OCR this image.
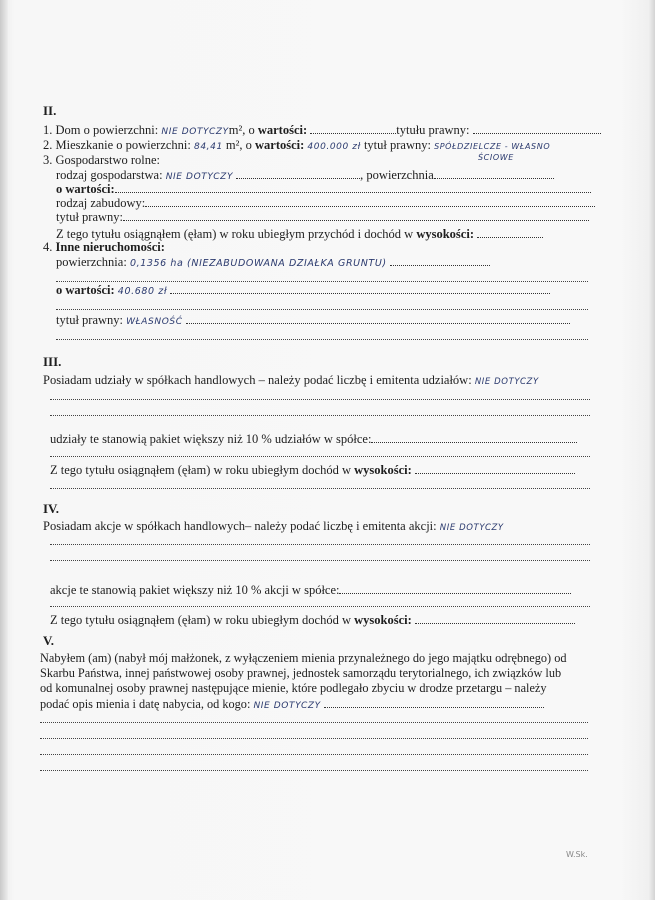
II.
1. Dom o powierzchni: NIE DOTYCZYm², o wartości:	tytułu prawny:
2. Mieszkanie o powierzchni: 84,41 m², o wartości: 400.000 zł tytuł prawny: SPÓŁDZIELCZE - WŁASNO
ŚCIOWE
3. Gospodarstwo rolne:
rodzaj gospodarstwa: NIE DOTYCZY	, powierzchnia
o wartości:
rodzaj zabudowy:
tytuł prawny:
Z tego tytułu osiągnąłem (ęłam) w roku ubiegłym przychód i dochód w wysokości:
4. Inne nieruchomości:
powierzchnia: 0,1356 ha (NIEZABUDOWANA DZIAŁKA GRUNTU)
o wartości: 40.680 zł
tytuł prawny: WŁASNOŚĆ
III.
Posiadam udziały w spółkach handlowych – należy podać liczbę i emitenta udziałów: NIE DOTYCZY
udziały te stanowią pakiet większy niż 10 % udziałów w spółce:
Z tego tytułu osiągnąłem (ęłam) w roku ubiegłym dochód w wysokości:
IV.
Posiadam akcje w spółkach handlowych– należy podać liczbę i emitenta akcji: NIE DOTYCZY
akcje te stanowią pakiet większy niż 10 % akcji w spółce:
Z tego tytułu osiągnąłem (ęłam) w roku ubiegłym dochód w wysokości:
V.
Nabyłem (am) (nabył mój małżonek, z wyłączeniem mienia przynależnego do jego majątku odrębnego) od
Skarbu Państwa, innej państwowej osoby prawnej, jednostek samorządu terytorialnego, ich związków lub
od komunalnej osoby prawnej następujące mienie, które podlegało zbyciu w drodze przetargu – należy
podać opis mienia i datę nabycia, od kogo: NIE DOTYCZY
W.Sk.
